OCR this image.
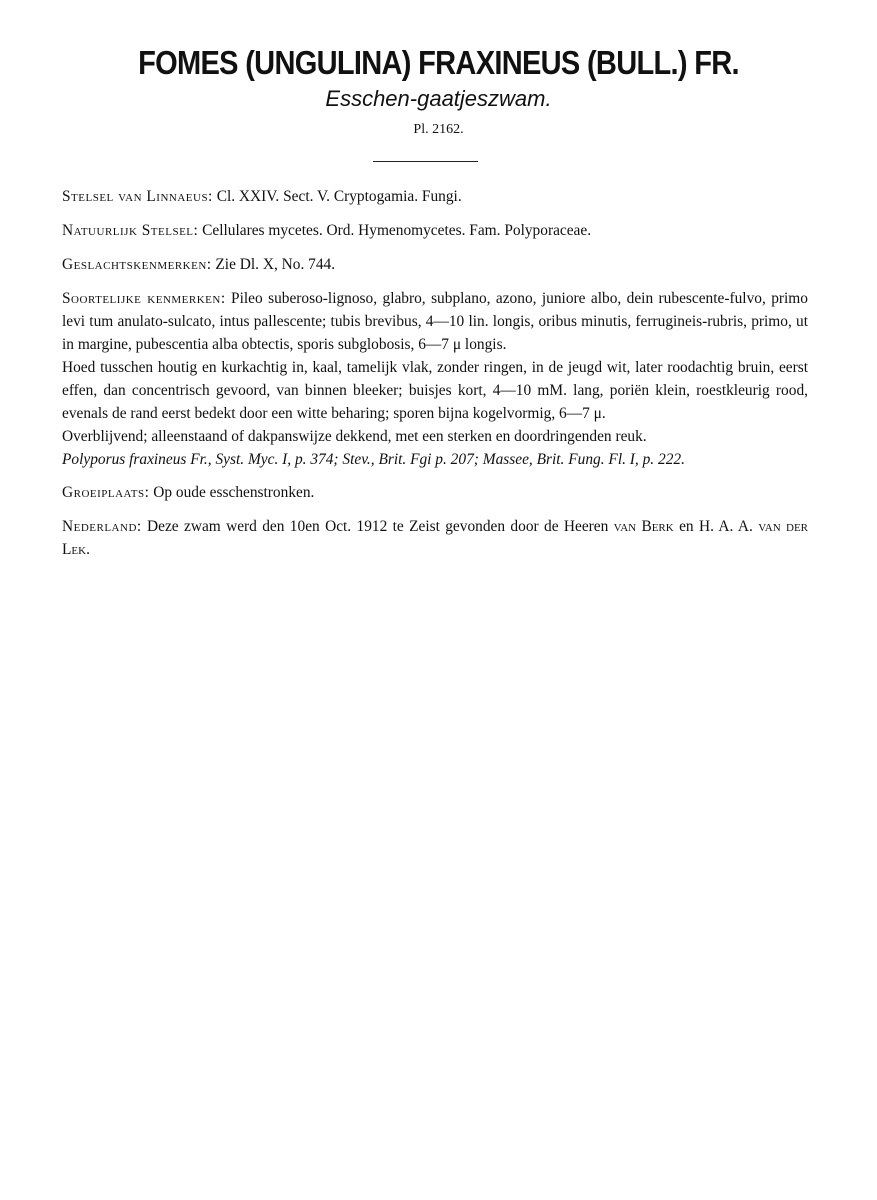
FOMES (UNGULINA) FRAXINEUS (BULL.) FR.
Esschen-gaatjeszwam.
Pl. 2162.

Stelsel van Linnaeus: Cl. XXIV. Sect. V. Cryptogamia. Fungi.

Natuurlijk Stelsel: Cellulares mycetes. Ord. Hymenomycetes. Fam. Polyporaceae.

Geslachtskenmerken: Zie Dl. X, No. 744.

Soortelijke kenmerken: Pileo suberoso-lignoso, glabro, subplano, azono, juniore albo, dein rubescente-fulvo, primo levi tum anulato-sulcato, intus pallescente; tubis brevibus, 4—10 lin. longis, oribus minutis, ferrugineis-rubris, primo, ut in margine, pubescentia alba obtectis, sporis subglobosis, 6—7 μ longis.

Hoed tusschen houtig en kurkachtig in, kaal, tamelijk vlak, zonder ringen, in de jeugd wit, later roodachtig bruin, eerst effen, dan concentrisch gevoord, van binnen bleeker; buisjes kort, 4—10 mM. lang, poriën klein, roestkleurig rood, evenals de rand eerst bedekt door een witte beharing; sporen bijna kogelvormig, 6—7 μ.

Overblijvend; alleenstaand of dakpanswijze dekkend, met een sterken en doordringenden reuk.

Polyporus fraxineus Fr., Syst. Myc. I, p. 374; Stev., Brit. Fgi p. 207; Massee, Brit. Fung. Fl. I, p. 222.

Groeiplaats: Op oude esschenstronken.

Nederland: Deze zwam werd den 10en Oct. 1912 te Zeist gevonden door de Heeren van Berk en H. A. A. van der Lek.
